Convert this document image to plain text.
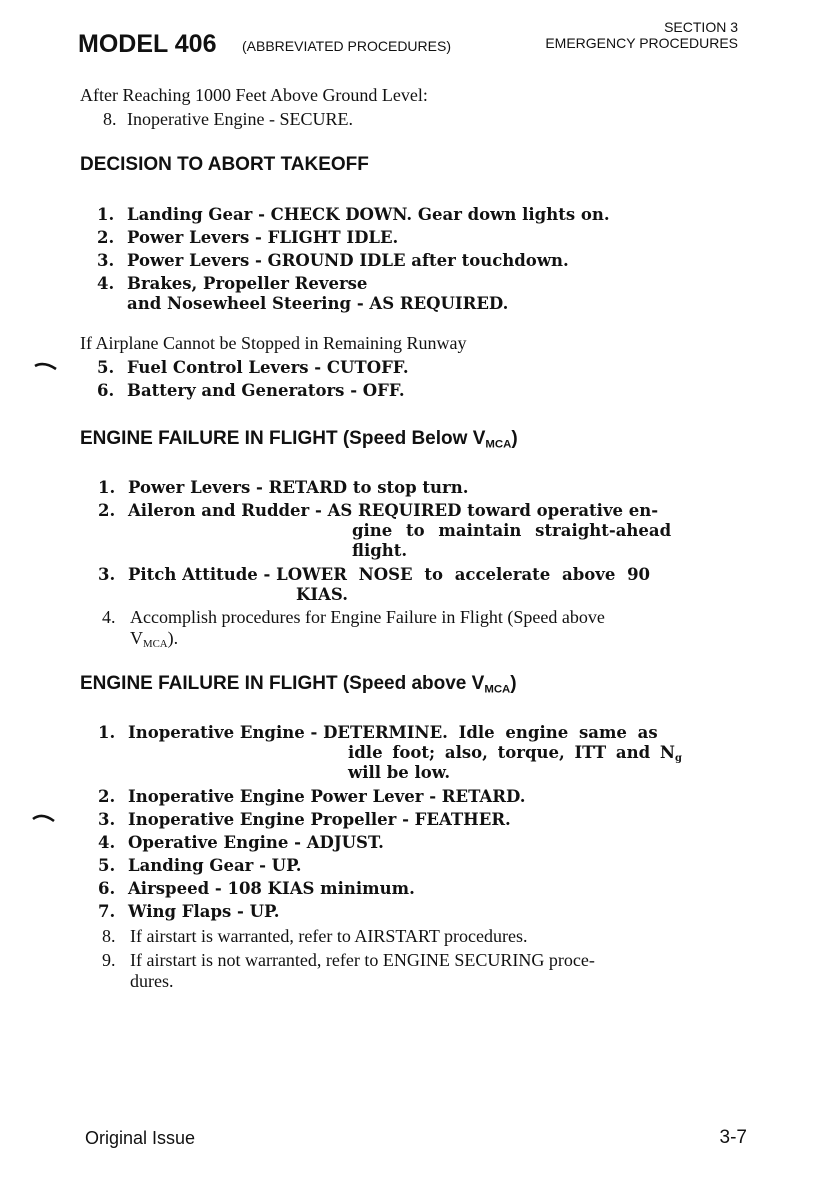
MODEL 406 (ABBREVIATED PROCEDURES)
SECTION 3
EMERGENCY PROCEDURES
After Reaching 1000 Feet Above Ground Level:
8. Inoperative Engine - SECURE.
DECISION TO ABORT TAKEOFF
1. Landing Gear - CHECK DOWN. Gear down lights on.
2. Power Levers - FLIGHT IDLE.
3. Power Levers - GROUND IDLE after touchdown.
4. Brakes, Propeller Reverse
and Nosewheel Steering - AS REQUIRED.
If Airplane Cannot be Stopped in Remaining Runway
5. Fuel Control Levers - CUTOFF.
6. Battery and Generators - OFF.
ENGINE FAILURE IN FLIGHT (Speed Below $V_{MCA}$)
1. Power Levers - RETARD to stop turn.
2. Aileron and Rudder - AS REQUIRED toward operative en-
gine to maintain straight-ahead
flight.
3. Pitch Attitude - LOWER NOSE to accelerate above 90
KIAS.
4. Accomplish procedures for Engine Failure in Flight (Speed above
$V_{MCA}$).
ENGINE FAILURE IN FLIGHT (Speed above $V_{MCA}$)
1. Inoperative Engine - DETERMINE. Idle engine same as
idle foot; also, torque, ITT and $N_g$
will be low.
2. Inoperative Engine Power Lever - RETARD.
3. Inoperative Engine Propeller - FEATHER.
4. Operative Engine - ADJUST.
5. Landing Gear - UP.
6. Airspeed - 108 KIAS minimum.
7. Wing Flaps - UP.
8. If airstart is warranted, refer to AIRSTART procedures.
9. If airstart is not warranted, refer to ENGINE SECURING proce-
dures.
Original Issue	3-7
